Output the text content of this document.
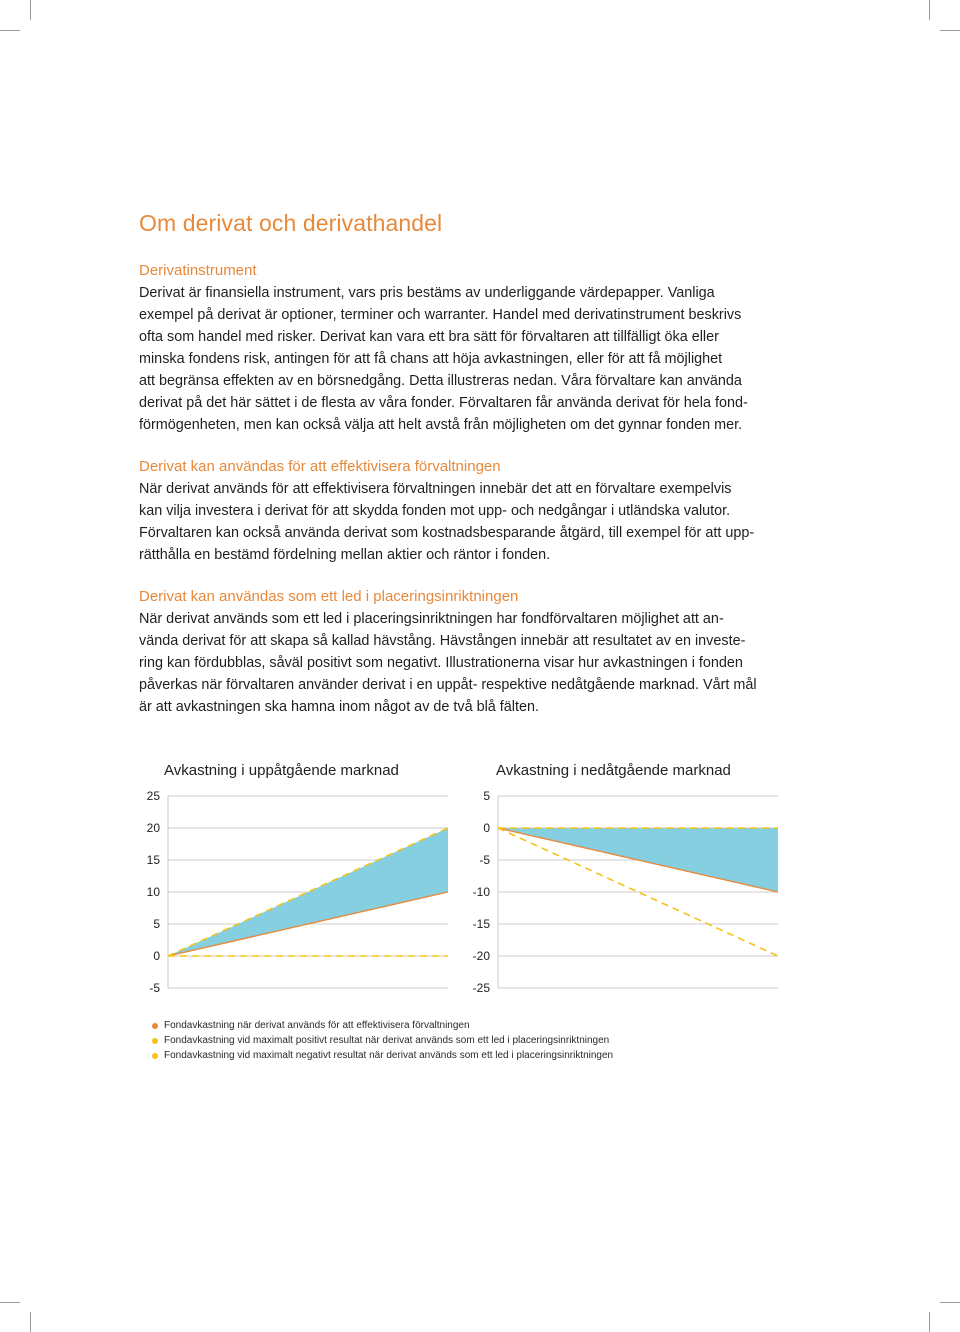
Om derivat och derivathandel
Derivatinstrument

Derivat är finansiella instrument, vars pris bestäms av underliggande värdepapper. Vanliga
exempel på derivat är optioner, terminer och warranter. Handel med derivatinstrument beskrivs
ofta som handel med risker. Derivat kan vara ett bra sätt för förvaltaren att tillfälligt öka eller
minska fondens risk, antingen för att få chans att höja avkastningen, eller för att få möjlighet
att begränsa effekten av en börsnedgång. Detta illustreras nedan. Våra förvaltare kan använda
derivat på det här sättet i de flesta av våra fonder. Förvaltaren får använda derivat för hela fond-
förmögenheten, men kan också välja att helt avstå från möjligheten om det gynnar fonden mer.

Derivat kan användas för att effektivisera förvaltningen

När derivat används för att effektivisera förvaltningen innebär det att en förvaltare exempelvis
kan vilja investera i derivat för att skydda fonden mot upp- och nedgångar i utländska valutor.
Förvaltaren kan också använda derivat som kostnadsbesparande åtgärd, till exempel för att upp-
rätthålla en bestämd fördelning mellan aktier och räntor i fonden.

Derivat kan användas som ett led i placeringsinriktningen

När derivat används som ett led i placeringsinriktningen har fondförvaltaren möjlighet att an-
vända derivat för att skapa så kallad hävstång. Hävstången innebär att resultatet av en investe-
ring kan fördubblas, såväl positivt som negativt. Illustrationerna visar hur avkastningen i fonden
påverkas när förvaltaren använder derivat i en uppåt- respektive nedåtgående marknad. Vårt mål
är att avkastningen ska hamna inom något av de två blå fälten.

Avkastning i uppåtgående marknad
25
20
15
10
5
0
-5
Avkastning i nedåtgående marknad
5
0
-5
-10
-15
-20
-25
Fondavkastning när derivat används för att effektivisera förvaltningen
Fondavkastning vid maximalt positivt resultat när derivat används som ett led i placeringsinriktningen
Fondavkastning vid maximalt negativt resultat när derivat används som ett led i placeringsinriktningen
